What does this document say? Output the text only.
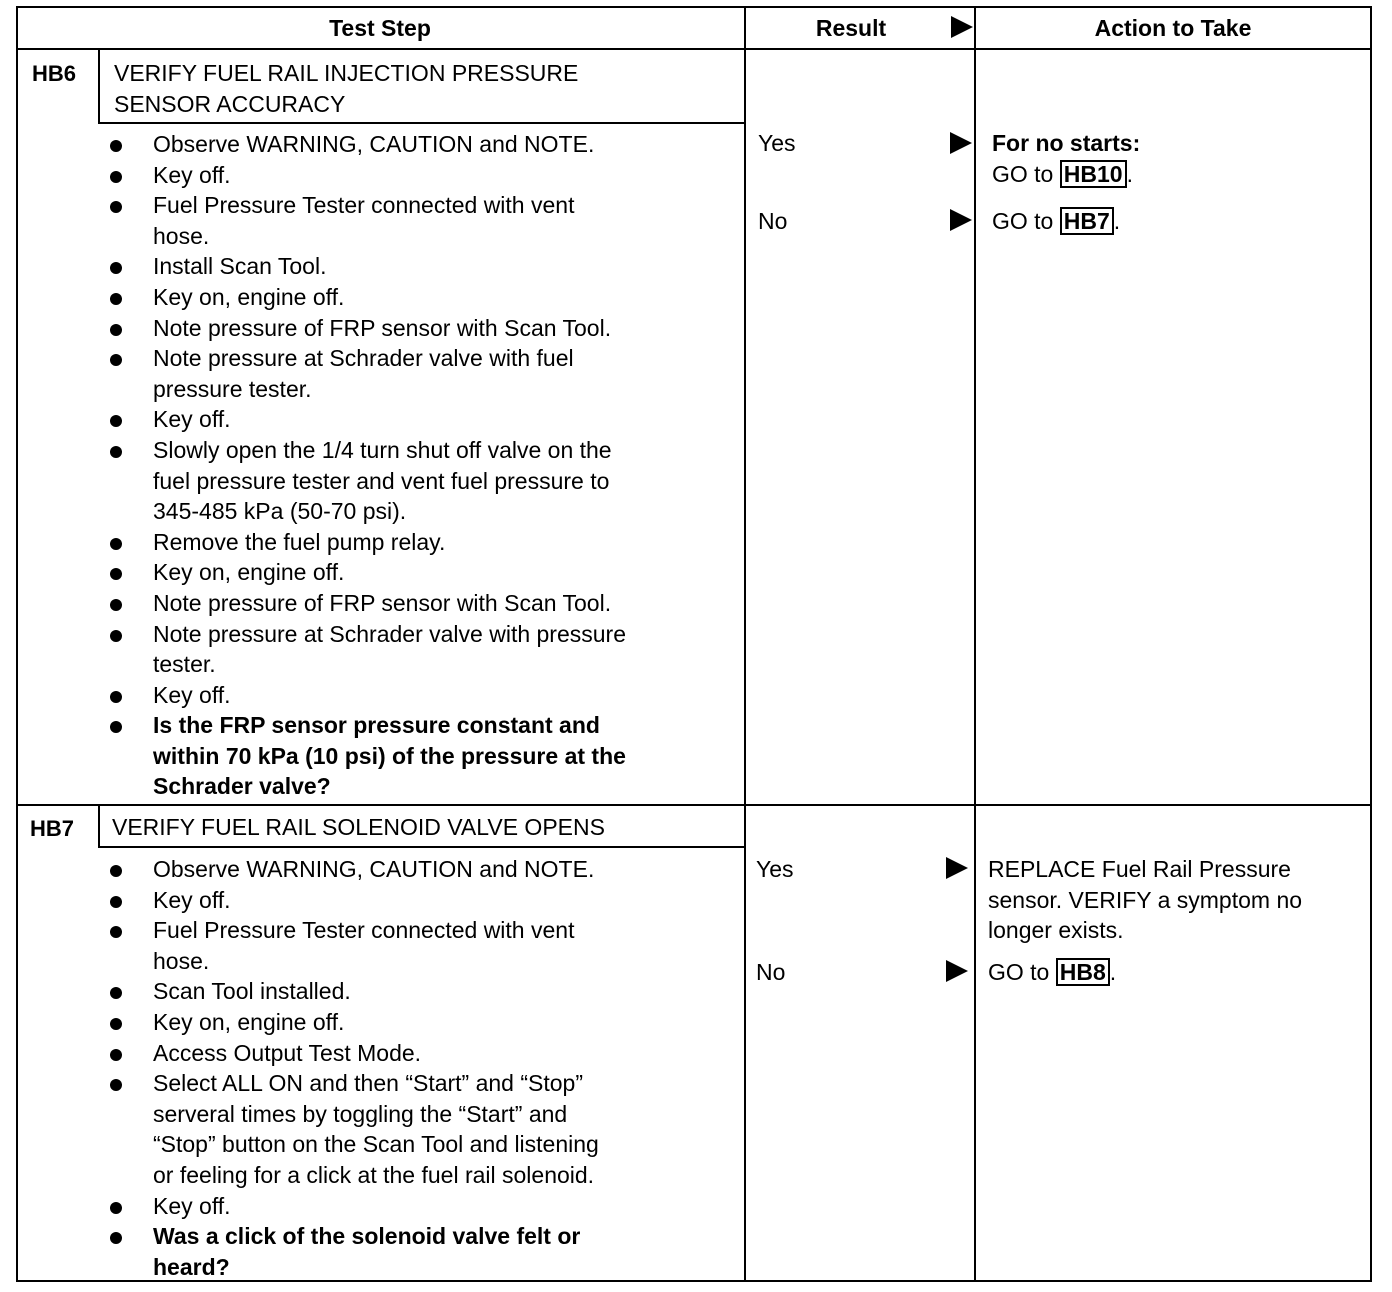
Test Step	Result	Action to Take
HB6 VERIFY FUEL RAIL INJECTION PRESSURE
SENSOR ACCURACY
Observe WARNING, CAUTION and NOTE.
Key off.
Fuel Pressure Tester connected with vent
hose.
Install Scan Tool.
Key on, engine off.
Note pressure of FRP sensor with Scan Tool.
Note pressure at Schrader valve with fuel
pressure tester.
Key off.
Slowly open the 1/4 turn shut off valve on the
fuel pressure tester and vent fuel pressure to
345-485 kPa (50-70 psi).
Remove the fuel pump relay.
Key on, engine off.
Note pressure of FRP sensor with Scan Tool.
Note pressure at Schrader valve with pressure
tester.
Key off.
Is the FRP sensor pressure constant and
within 70 kPa (10 psi) of the pressure at the
Schrader valve?
Yes	For no starts:
GO to HB10 .
No	GO to HB7 .
HB7 VERIFY FUEL RAIL SOLENOID VALVE OPENS
Observe WARNING, CAUTION and NOTE.
Key off.
Fuel Pressure Tester connected with vent
hose.
Scan Tool installed.
Key on, engine off.
Access Output Test Mode.
Select ALL ON and then “Start” and “Stop”
serveral times by toggling the “Start” and
“Stop” button on the Scan Tool and listening
or feeling for a click at the fuel rail solenoid.
Key off.
Was a click of the solenoid valve felt or
heard?
Yes	REPLACE Fuel Rail Pressure
sensor. VERIFY a symptom no
longer exists.
No	GO to HB8 .
